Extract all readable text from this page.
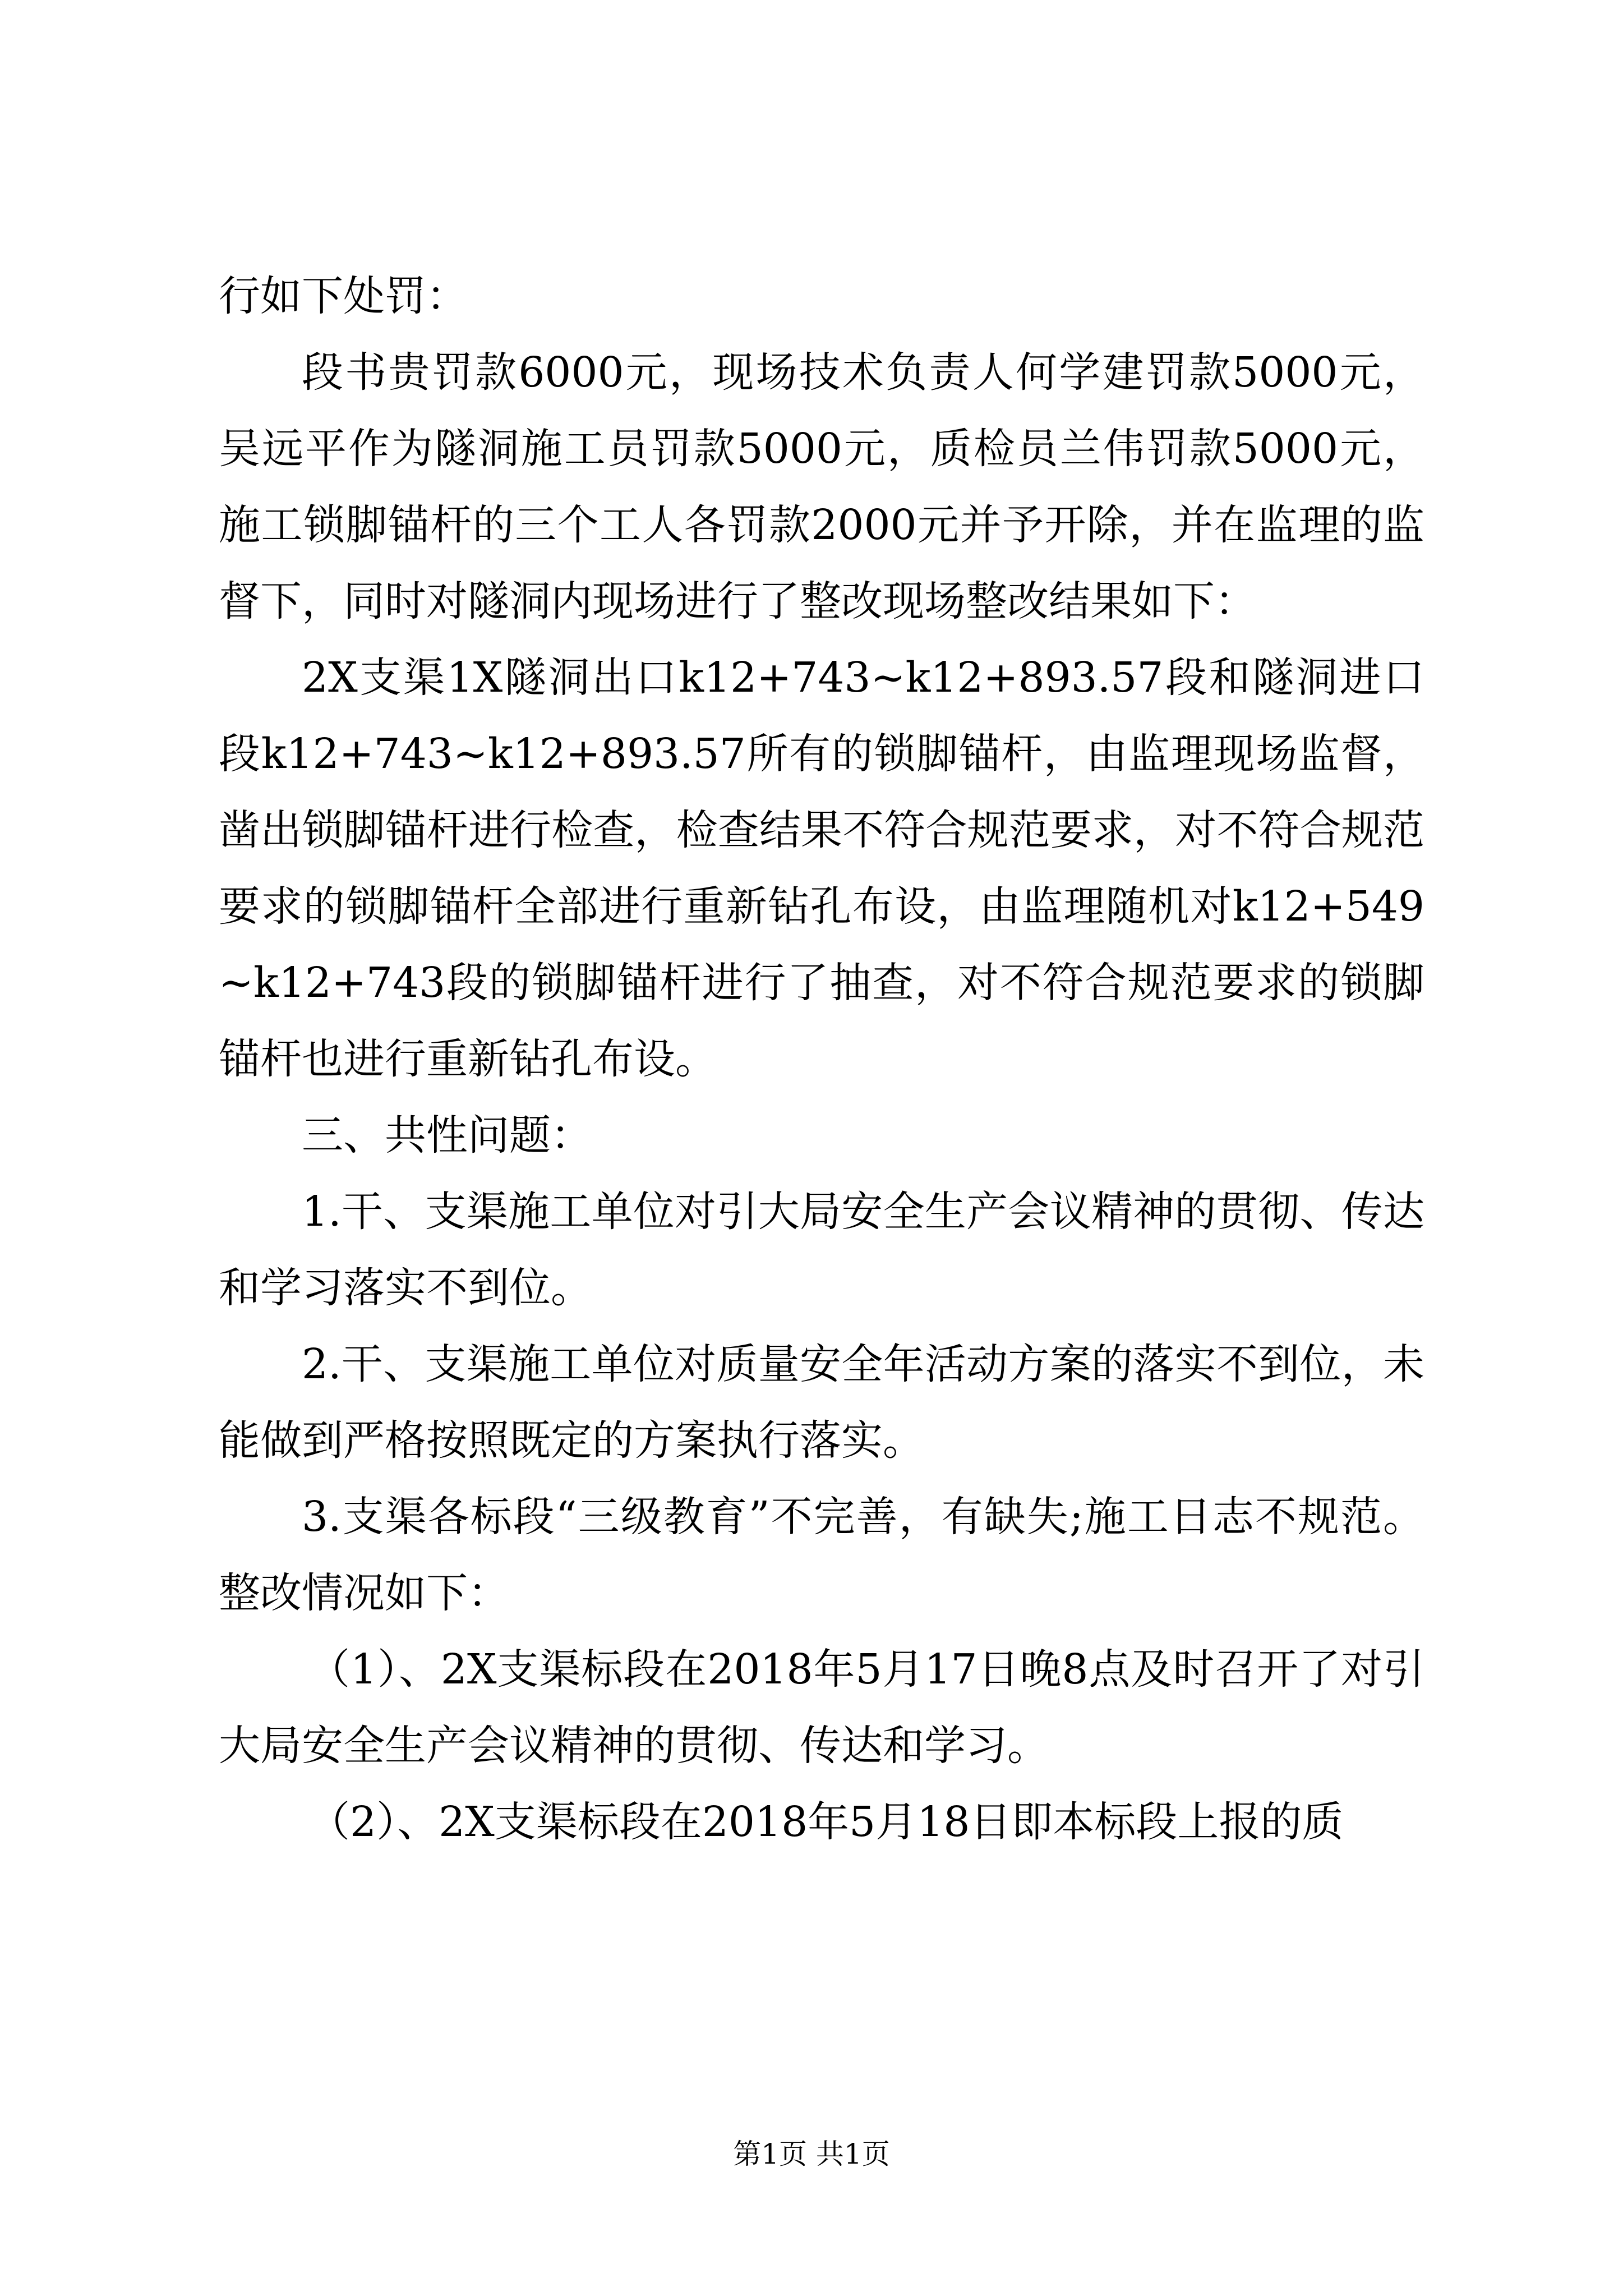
行如下处罚：

段书贵罚款6000元，现场技术负责人何学建罚款5000元，吴远平作为隧洞施工员罚款5000元，质检员兰伟罚款5000元，施工锁脚锚杆的三个工人各罚款2000元并予开除，并在监理的监督下，同时对隧洞内现场进行了整改现场整改结果如下：

2X支渠1X隧洞出口k12+743~k12+893.57段和隧洞进口段k12+743~k12+893.57所有的锁脚锚杆，由监理现场监督，凿出锁脚锚杆进行检查，检查结果不符合规范要求，对不符合规范要求的锁脚锚杆全部进行重新钻孔布设，由监理随机对k12+549~k12+743段的锁脚锚杆进行了抽查，对不符合规范要求的锁脚锚杆也进行重新钻孔布设。

三、共性问题：

1.干、支渠施工单位对引大局安全生产会议精神的贯彻、传达和学习落实不到位。

2.干、支渠施工单位对质量安全年活动方案的落实不到位，未能做到严格按照既定的方案执行落实。

3.支渠各标段“三级教育”不完善，有缺失;施工日志不规范。整改情况如下：

（1）、2X支渠标段在2018年5月17日晚8点及时召开了对引大局安全生产会议精神的贯彻、传达和学习。

（2）、2X支渠标段在2018年5月18日即本标段上报的质

第1页 共1页
